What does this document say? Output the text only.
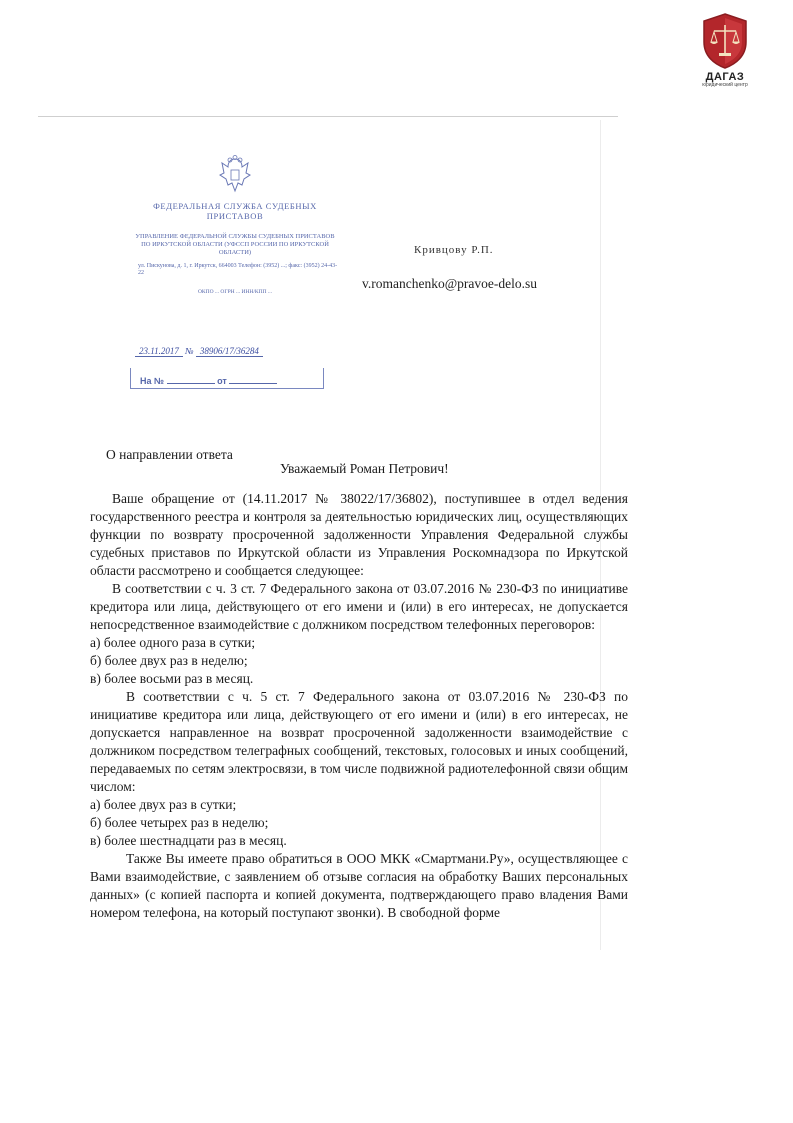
ДАГАЗ
юридический центр
ФЕДЕРАЛЬНАЯ СЛУЖБА СУДЕБНЫХ ПРИСТАВОВ
УПРАВЛЕНИЕ ФЕДЕРАЛЬНОЙ СЛУЖБЫ СУДЕБНЫХ ПРИСТАВОВ ПО ИРКУТСКОЙ ОБЛАСТИ (УФССП РОССИИ ПО ИРКУТСКОЙ ОБЛАСТИ)
ул. Пискунова, д. 1, г. Иркутск, 664003 Телефон: (3952) ...; факс: (3952) 24-43-22
ОКПО ... ОГРН ... ИНН/КПП ...
23.11.2017 № 38906/17/36284
На №	от
Кривцову Р.П.
v.romanchenko@pravoe-delo.su
О направлении ответа
Уважаемый Роман Петрович!

Ваше обращение от (14.11.2017 № 38022/17/36802), поступившее в отдел ведения государственного реестра и контроля за деятельностью юридических лиц, осуществляющих функции по возврату просроченной задолженности Управления Федеральной службы судебных приставов по Иркутской области из Управления Роскомнадзора по Иркутской области рассмотрено и сообщается следующее:

В соответствии с ч. 3 ст. 7 Федерального закона от 03.07.2016 № 230-ФЗ по инициативе кредитора или лица, действующего от его имени и (или) в его интересах, не допускается непосредственное взаимодействие с должником посредством телефонных переговоров:

а) более одного раза в сутки;

б) более двух раз в неделю;

в) более восьми раз в месяц.

В соответствии с ч. 5 ст. 7 Федерального закона от 03.07.2016 № 230-ФЗ по инициативе кредитора или лица, действующего от его имени и (или) в его интересах, не допускается направленное на возврат просроченной задолженности взаимодействие с должником посредством телеграфных сообщений, текстовых, голосовых и иных сообщений, передаваемых по сетям электросвязи, в том числе подвижной радиотелефонной связи общим числом:

а) более двух раз в сутки;

б) более четырех раз в неделю;

в) более шестнадцати раз в месяц.

Также Вы имеете право обратиться в ООО МКК «Смартмани.Ру», осуществляющее с Вами взаимодействие, с заявлением об отзыве согласия на обработку Ваших персональных данных» (с копией паспорта и копией документа, подтверждающего право владения Вами номером телефона, на который поступают звонки). В свободной форме
